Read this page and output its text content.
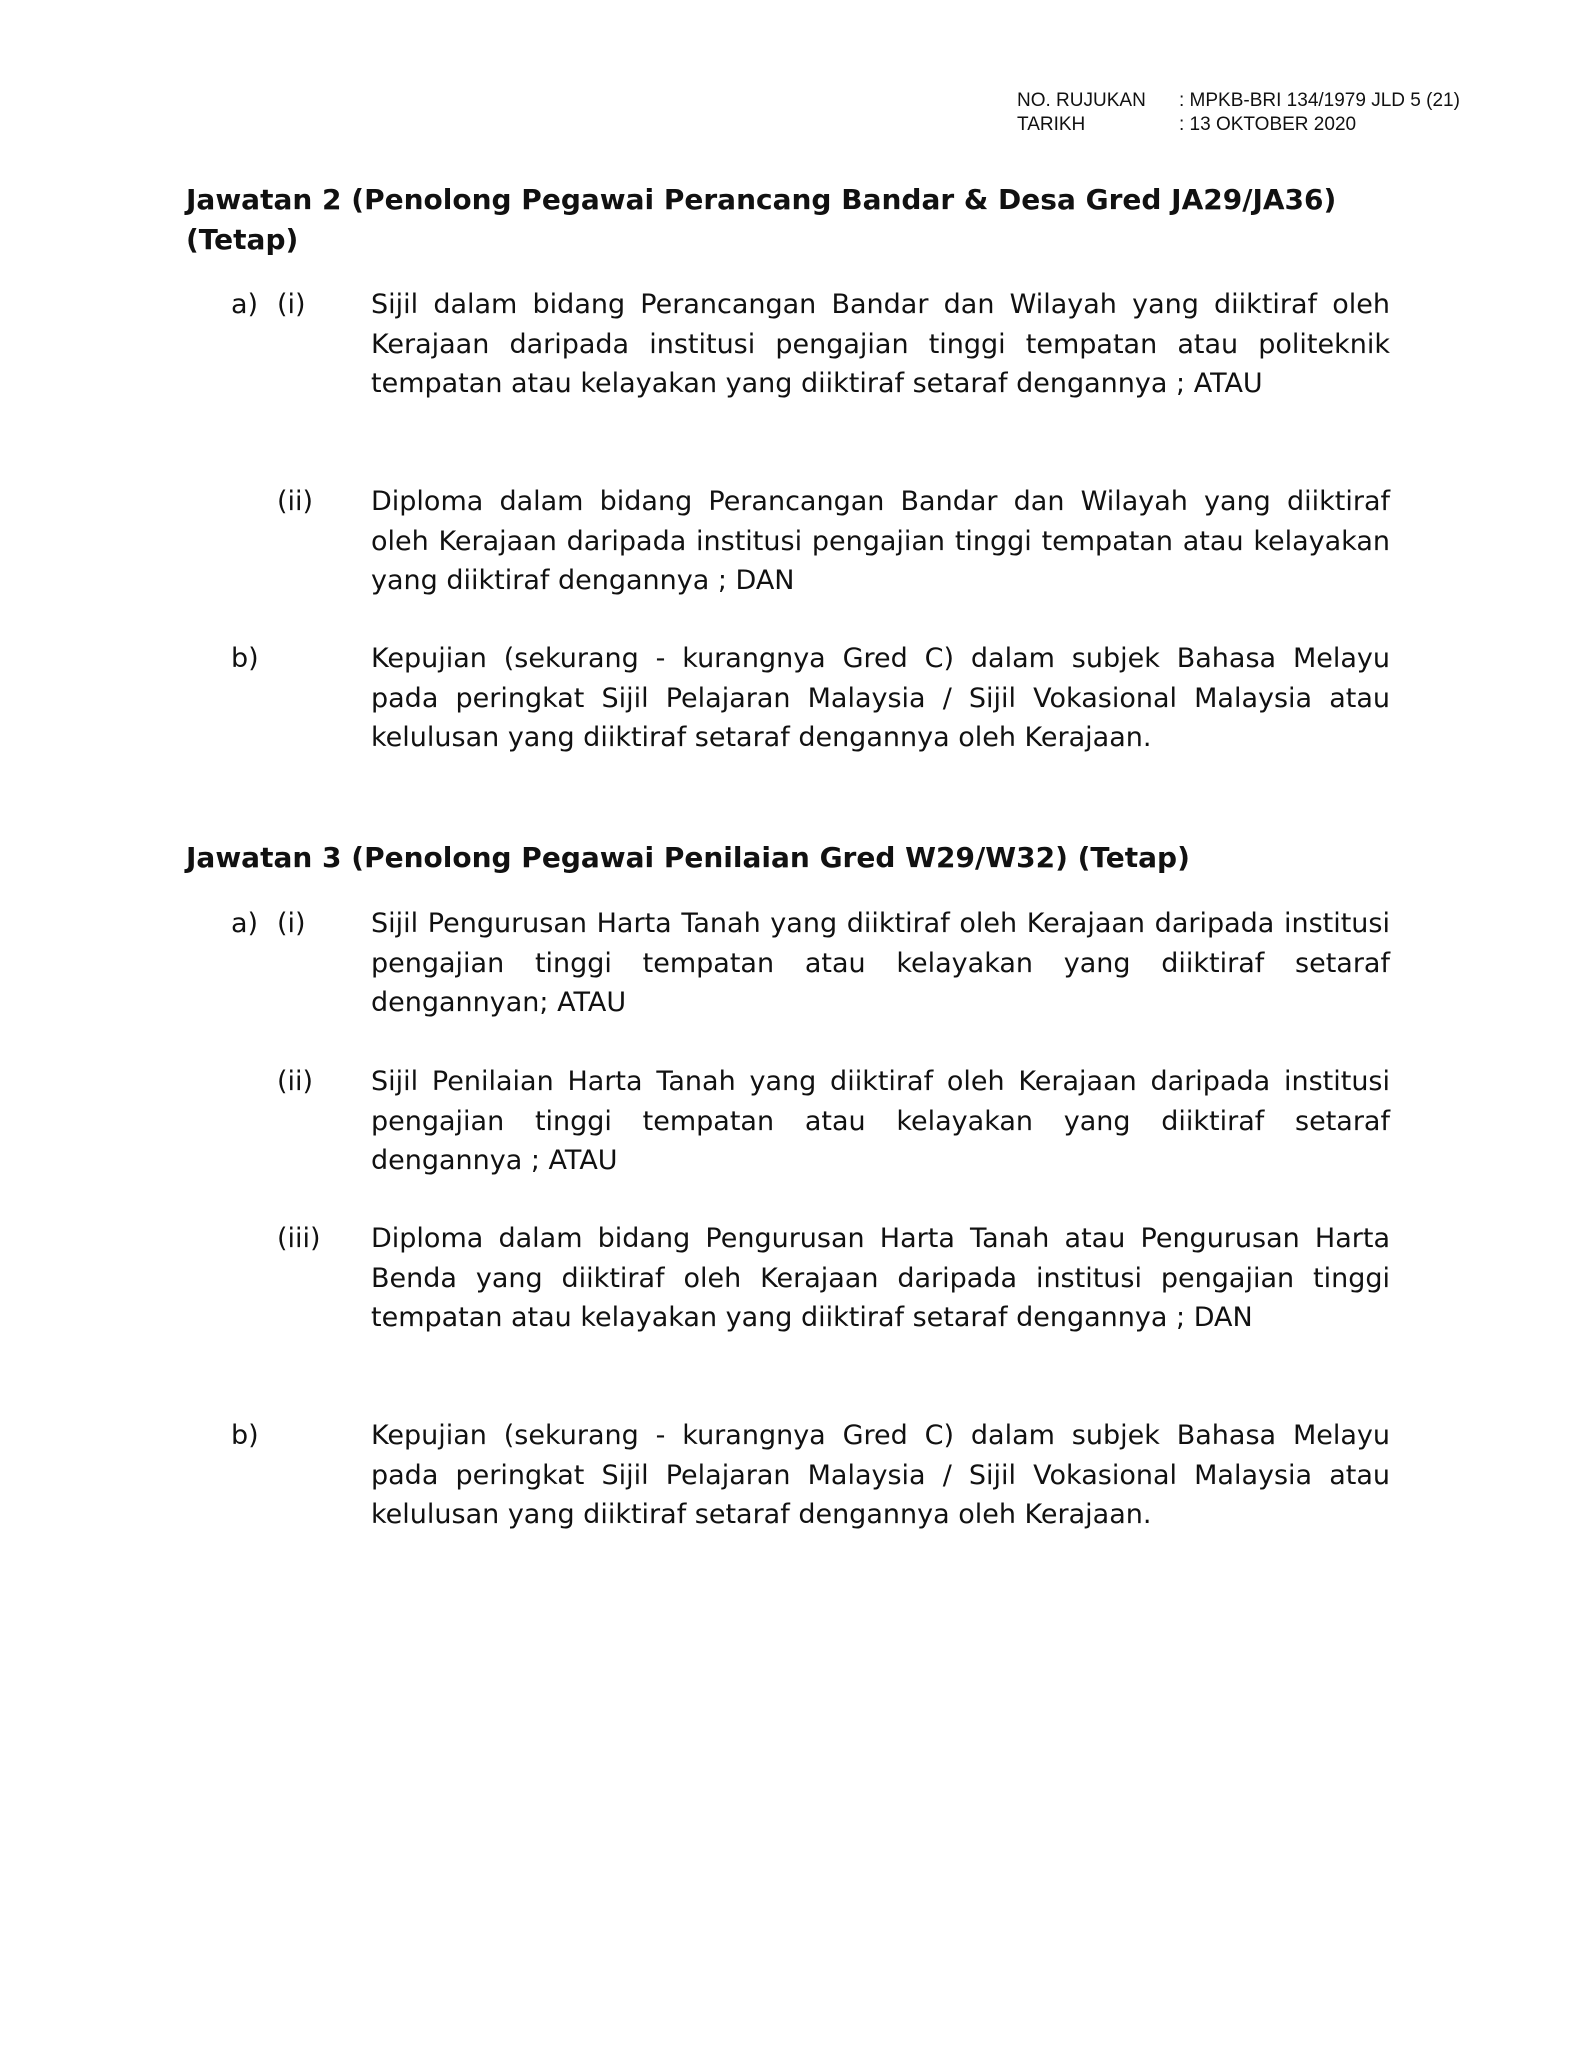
NO. RUJUKAN	: MPKB-BRI 134/1979 JLD 5 (21)
TARIKH	: 13 OKTOBER 2020
Jawatan 2 (Penolong Pegawai Perancang Bandar & Desa Gred JA29/JA36) (Tetap)
a) (i) Sijil dalam bidang Perancangan Bandar dan Wilayah yang diiktiraf oleh Kerajaan daripada institusi pengajian tinggi tempatan atau politeknik tempatan atau kelayakan yang diiktiraf setaraf dengannya ; ATAU
(ii) Diploma dalam bidang Perancangan Bandar dan Wilayah yang diiktiraf oleh Kerajaan daripada institusi pengajian tinggi tempatan atau kelayakan yang diiktiraf dengannya ; DAN
b)	Kepujian (sekurang - kurangnya Gred C) dalam subjek Bahasa Melayu pada peringkat Sijil Pelajaran Malaysia / Sijil Vokasional Malaysia atau kelulusan yang diiktiraf setaraf dengannya oleh Kerajaan.
Jawatan 3 (Penolong Pegawai Penilaian Gred W29/W32) (Tetap)
a) (i) Sijil Pengurusan Harta Tanah yang diiktiraf oleh Kerajaan daripada institusi pengajian tinggi tempatan atau kelayakan yang diiktiraf setaraf dengannyan; ATAU
(ii) Sijil Penilaian Harta Tanah yang diiktiraf oleh Kerajaan daripada institusi pengajian tinggi tempatan atau kelayakan yang diiktiraf setaraf dengannya ; ATAU
(iii) Diploma dalam bidang Pengurusan Harta Tanah atau Pengurusan Harta Benda yang diiktiraf oleh Kerajaan daripada institusi pengajian tinggi tempatan atau kelayakan yang diiktiraf setaraf dengannya ; DAN
b)	Kepujian (sekurang - kurangnya Gred C) dalam subjek Bahasa Melayu pada peringkat Sijil Pelajaran Malaysia / Sijil Vokasional Malaysia atau kelulusan yang diiktiraf setaraf dengannya oleh Kerajaan.
